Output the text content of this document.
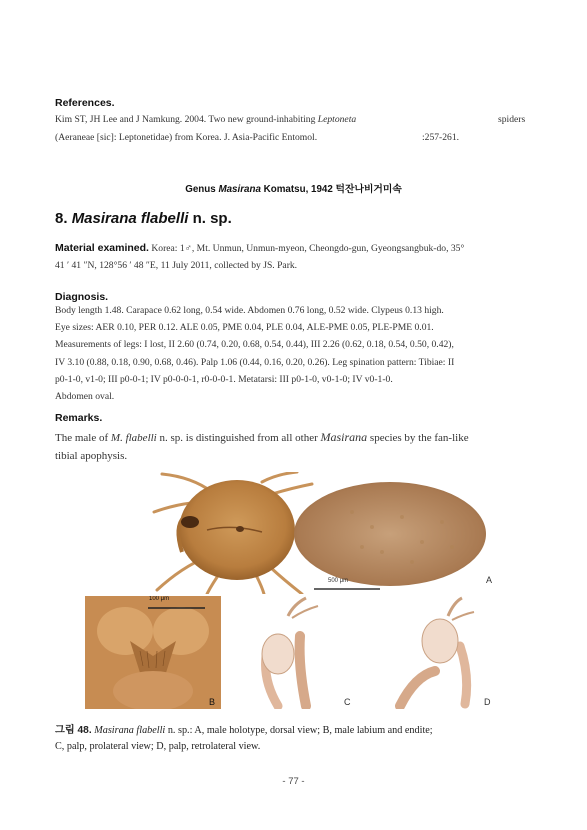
References.
Kim ST, JH Lee and J Namkung. 2004. Two new ground-inhabiting Leptoneta	spiders
(Aeraneae [sic]: Leptonetidae) from Korea. J. Asia-Pacific Entomol.	:257-261.
Genus Masirana Komatsu, 1942 턱잔나비거미속
8. Masirana flabelli n. sp.
Material examined. Korea: 1♂, Mt. Unmun, Unmun-myeon, Cheongdo-gun, Gyeongsangbuk-do, 35°
41 ′ 41 ″N, 128°56 ′ 48 ″E, 11 July 2011, collected by JS. Park.
Diagnosis.
Body length 1.48. Carapace 0.62 long, 0.54 wide. Abdomen 0.76 long, 0.52 wide. Clypeus 0.13 high.
Eye sizes: AER 0.10, PER 0.12. ALE 0.05, PME 0.04, PLE 0.04, ALE-PME 0.05, PLE-PME 0.01.
Measurements of legs: I lost, II 2.60 (0.74, 0.20, 0.68, 0.54, 0.44), III 2.26 (0.62, 0.18, 0.54, 0.50, 0.42),
IV 3.10 (0.88, 0.18, 0.90, 0.68, 0.46). Palp 1.06 (0.44, 0.16, 0.20, 0.26). Leg spination pattern: Tibiae: II
p0-1-0, v1-0; III p0-0-1; IV p0-0-0-1, r0-0-0-1. Metatarsi: III p0-1-0, v0-1-0; IV v0-1-0.
Abdomen oval.
Remarks.
The male of M. flabelli n. sp. is distinguished from all other Masirana species by the fan-like
tibial apophysis.
500 μm	A
100 μm
B	C	D
그림 48. Masirana flabelli n. sp.: A, male holotype, dorsal view; B, male labium and endite;
C, palp, prolateral view; D, palp, retrolateral view.
- 77 -
